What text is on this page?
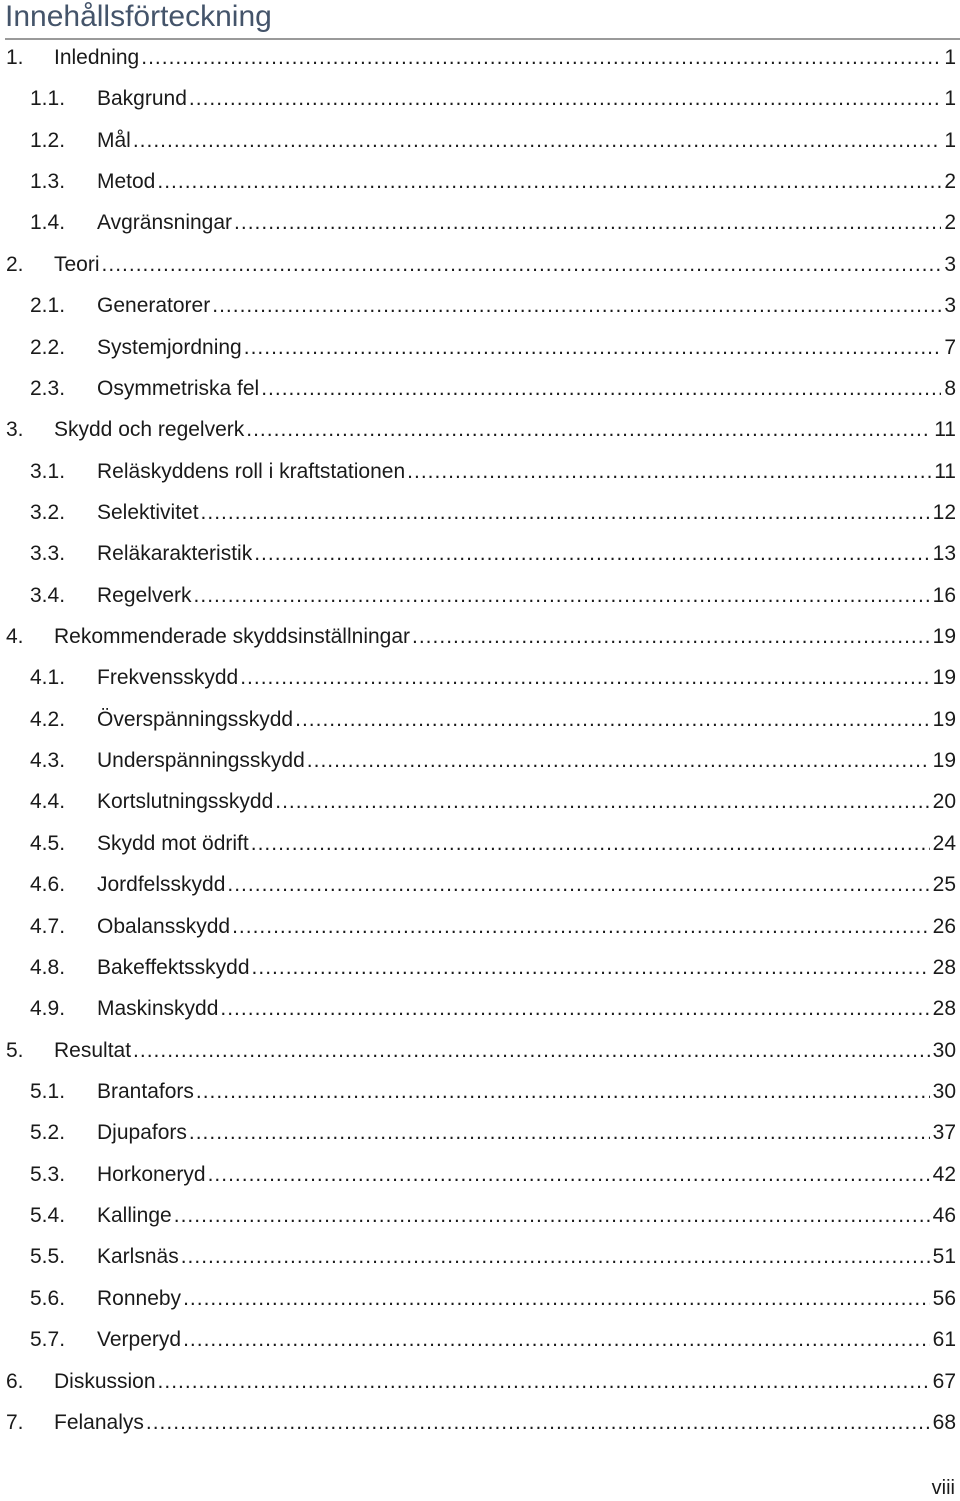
Innehållsförteckning
1.	Inledning .....	1
1.1.	Bakgrund .....	1
1.2.	Mål .....	1
1.3.	Metod .....	2
1.4.	Avgränsningar .....	2
2.	Teori .....	3
2.1.	Generatorer .....	3
2.2.	Systemjordning .....	7
2.3.	Osymmetriska fel .....	8
3.	Skydd och regelverk .....	11
3.1.	Reläskyddens roll i kraftstationen .....	11
3.2.	Selektivitet .....	12
3.3.	Reläkarakteristik .....	13
3.4.	Regelverk .....	16
4.	Rekommenderade skyddsinställningar .....	19
4.1.	Frekvensskydd .....	19
4.2.	Överspänningsskydd .....	19
4.3.	Underspänningsskydd .....	19
4.4.	Kortslutningsskydd .....	20
4.5.	Skydd mot ödrift .....	24
4.6.	Jordfelsskydd .....	25
4.7.	Obalansskydd .....	26
4.8.	Bakeffektsskydd .....	28
4.9.	Maskinskydd .....	28
5.	Resultat .....	30
5.1.	Brantafors .....	30
5.2.	Djupafors .....	37
5.3.	Horkoneryd .....	42
5.4.	Kallinge .....	46
5.5.	Karlsnäs .....	51
5.6.	Ronneby .....	56
5.7.	Verperyd .....	61
6.	Diskussion .....	67
7.	Felanalys .....	68
viii
